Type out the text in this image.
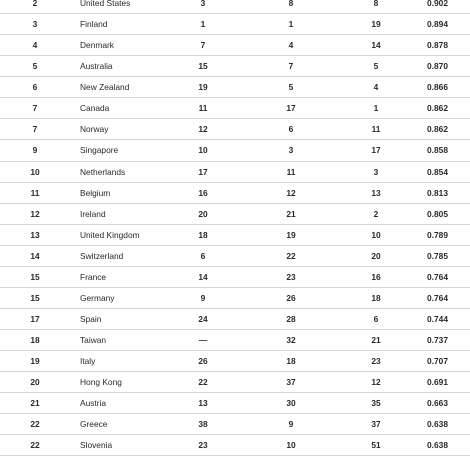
2	United States	3	8	8	0.902
3	Finland	1	1	19	0.894
4	Denmark	7	4	14	0.878
5	Australia	15	7	5	0.870
6	New Zealand	19	5	4	0.866
7	Canada	11	17	1	0.862
7	Norway	12	6	11	0.862
9	Singapore	10	3	17	0.858
10	Netherlands	17	11	3	0.854
11	Belgium	16	12	13	0.813
12	Ireland	20	21	2	0.805
13	United Kingdom	18	19	10	0.789
14	Switzerland	6	22	20	0.785
15	France	14	23	16	0.764
15	Germany	9	26	18	0.764
17	Spain	24	28	6	0.744
18	Taiwan	—	32	21	0.737
19	Italy	26	18	23	0.707
20	Hong Kong	22	37	12	0.691
21	Austria	13	30	35	0.663
22	Greece	38	9	37	0.638
22	Slovenia	23	10	51	0.638
